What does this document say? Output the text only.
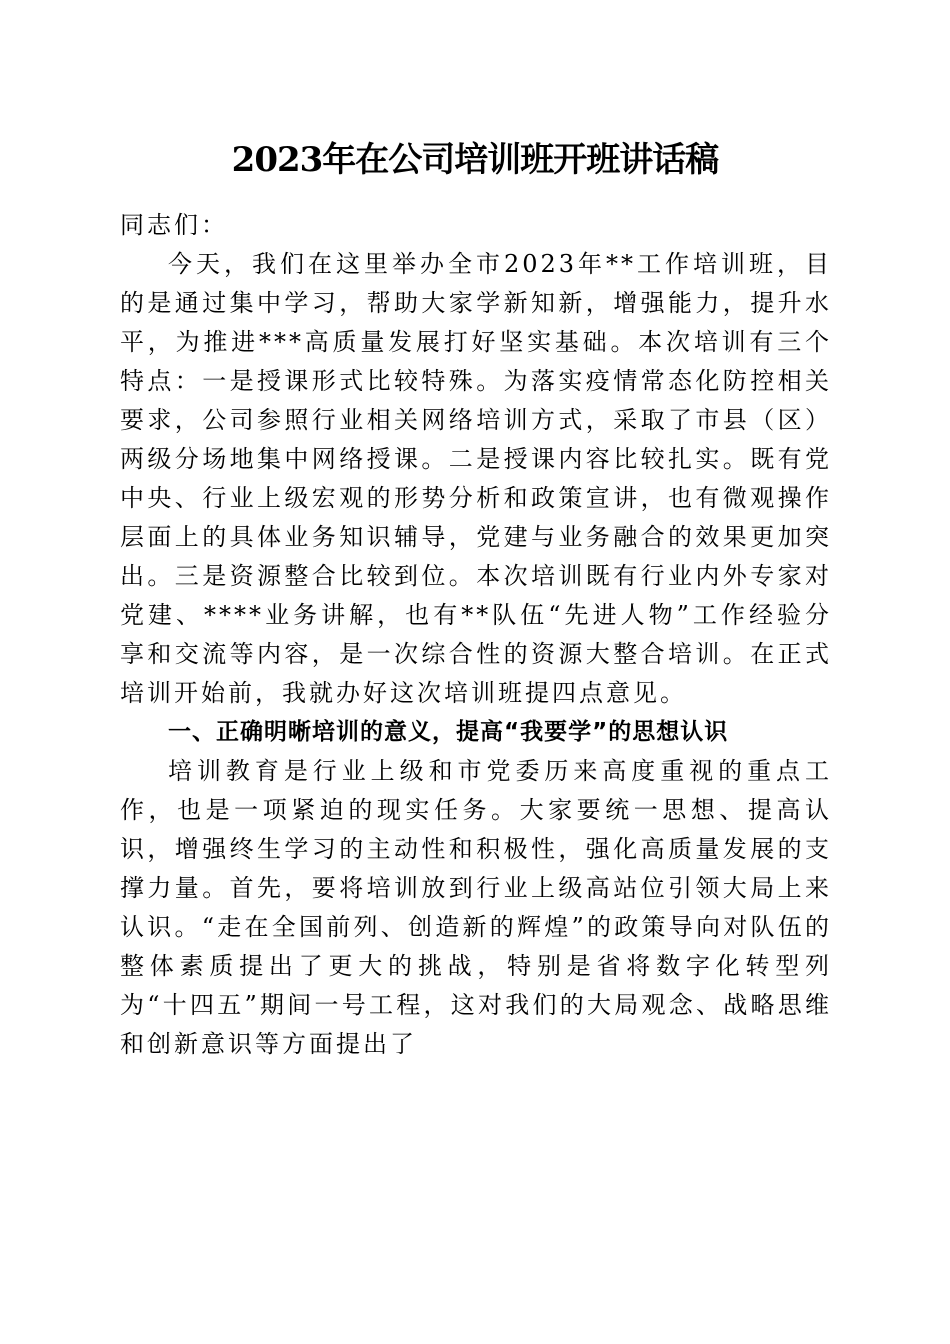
2023年在公司培训班开班讲话稿

同志们：

今天，我们在这里举办全市2023年**工作培训班，目的是通过集中学习，帮助大家学新知新，增强能力，提升水平，为推进***高质量发展打好坚实基础。本次培训有三个特点：一是授课形式比较特殊。为落实疫情常态化防控相关要求，公司参照行业相关网络培训方式，采取了市县（区）两级分场地集中网络授课。二是授课内容比较扎实。既有党中央、行业上级宏观的形势分析和政策宣讲，也有微观操作层面上的具体业务知识辅导，党建与业务融合的效果更加突出。三是资源整合比较到位。本次培训既有行业内外专家对党建、****业务讲解，也有**队伍“先进人物”工作经验分享和交流等内容，是一次综合性的资源大整合培训。在正式培训开始前，我就办好这次培训班提四点意见。

一、正确明晰培训的意义，提高“我要学”的思想认识

培训教育是行业上级和市党委历来高度重视的重点工作，也是一项紧迫的现实任务。大家要统一思想、提高认识，增强终生学习的主动性和积极性，强化高质量发展的支撑力量。首先，要将培训放到行业上级高站位引领大局上来认识。“走在全国前列、创造新的辉煌”的政策导向对队伍的整体素质提出了更大的挑战，特别是省将数字化转型列为“十四五”期间一号工程，这对我们的大局观念、战略思维和创新意识等方面提出了
